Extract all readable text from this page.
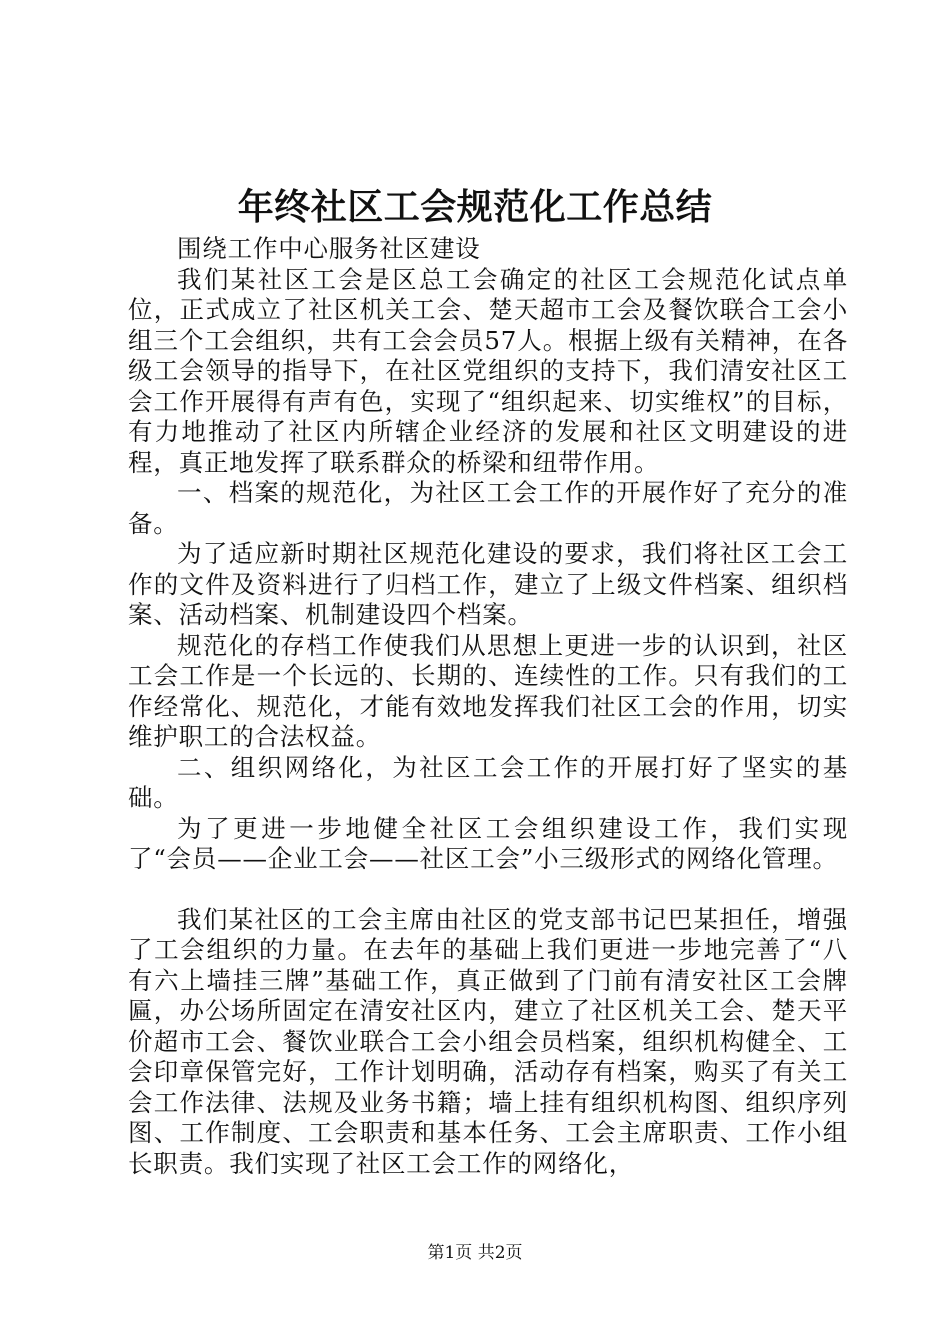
年终社区工会规范化工作总结

围绕工作中心服务社区建设

我们某社区工会是区总工会确定的社区工会规范化试点单位，正式成立了社区机关工会、楚天超市工会及餐饮联合工会小组三个工会组织，共有工会会员57人。根据上级有关精神，在各级工会领导的指导下，在社区党组织的支持下，我们清安社区工会工作开展得有声有色，实现了“组织起来、切实维权”的目标，有力地推动了社区内所辖企业经济的发展和社区文明建设的进程，真正地发挥了联系群众的桥梁和纽带作用。

一、档案的规范化，为社区工会工作的开展作好了充分的准备。

为了适应新时期社区规范化建设的要求，我们将社区工会工作的文件及资料进行了归档工作，建立了上级文件档案、组织档案、活动档案、机制建设四个档案。

规范化的存档工作使我们从思想上更进一步的认识到，社区工会工作是一个长远的、长期的、连续性的工作。只有我们的工作经常化、规范化，才能有效地发挥我们社区工会的作用，切实维护职工的合法权益。

二、组织网络化，为社区工会工作的开展打好了坚实的基础。

为了更进一步地健全社区工会组织建设工作，我们实现了“会员——企业工会——社区工会”小三级形式的网络化管理。

我们某社区的工会主席由社区的党支部书记巴某担任，增强了工会组织的力量。在去年的基础上我们更进一步地完善了“八有六上墙挂三牌”基础工作，真正做到了门前有清安社区工会牌匾，办公场所固定在清安社区内，建立了社区机关工会、楚天平价超市工会、餐饮业联合工会小组会员档案，组织机构健全、工会印章保管完好，工作计划明确，活动存有档案，购买了有关工会工作法律、法规及业务书籍；墙上挂有组织机构图、组织序列图、工作制度、工会职责和基本任务、工会主席职责、工作小组长职责。我们实现了社区工会工作的网络化，

第1页 共2页
